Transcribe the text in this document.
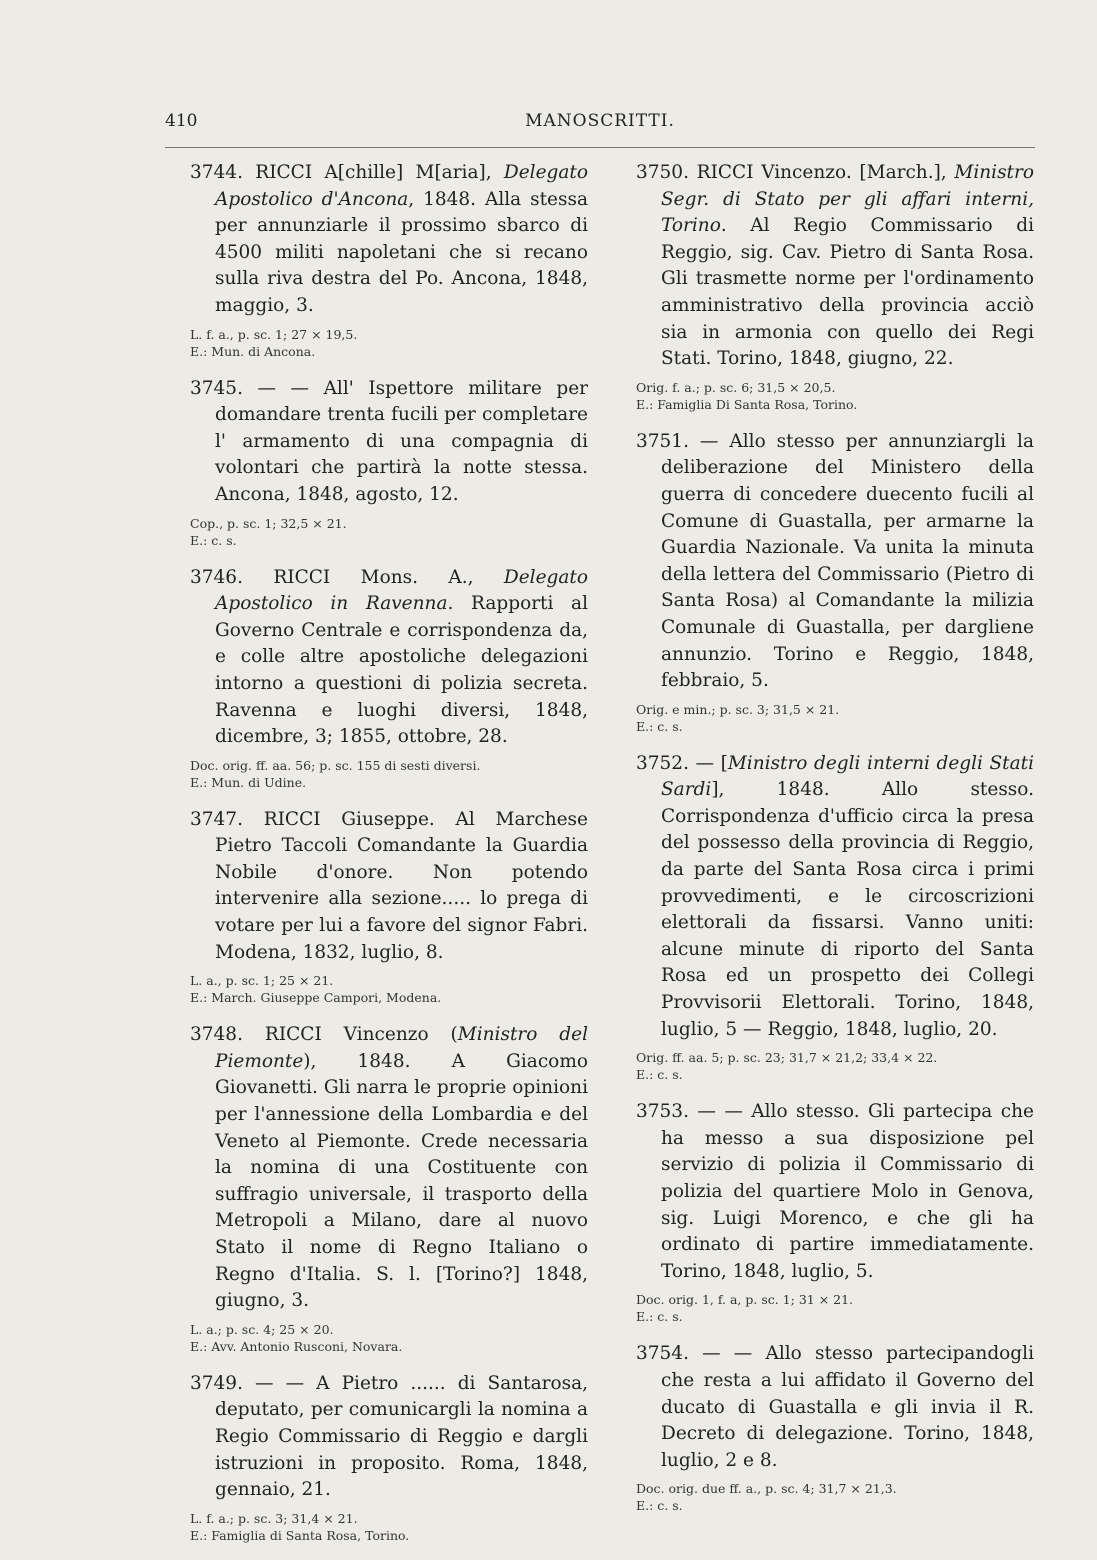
410	MANOSCRITTI.
3744. RICCI A[chille] M[aria], Delegato Apostolico d'Ancona, 1848. Alla stessa per annunziarle il prossimo sbarco di 4500 militi napoletani che si recano sulla riva destra del Po. Ancona, 1848, maggio, 3.
L. f. a., p. sc. 1; 27 × 19,5.
E.: Mun. di Ancona.
3745. — — All' Ispettore militare per domandare trenta fucili per completare l' armamento di una compagnia di volontari che partirà la notte stessa. Ancona, 1848, agosto, 12.
Cop., p. sc. 1; 32,5 × 21.
E.: c. s.
3746. RICCI Mons. A., Delegato Apostolico in Ravenna. Rapporti al Governo Centrale e corrispondenza da, e colle altre apostoliche delegazioni intorno a questioni di polizia secreta. Ravenna e luoghi diversi, 1848, dicembre, 3; 1855, ottobre, 28.
Doc. orig. ff. aa. 56; p. sc. 155 di sesti diversi.
E.: Mun. di Udine.
3747. RICCI Giuseppe. Al Marchese Pietro Taccoli Comandante la Guardia Nobile d'onore. Non potendo intervenire alla sezione..... lo prega di votare per lui a favore del signor Fabri. Modena, 1832, luglio, 8.
L. a., p. sc. 1; 25 × 21.
E.: March. Giuseppe Campori, Modena.
3748. RICCI Vincenzo (Ministro del Piemonte), 1848. A Giacomo Giovanetti. Gli narra le proprie opinioni per l'annessione della Lombardia e del Veneto al Piemonte. Crede necessaria la nomina di una Costituente con suffragio universale, il trasporto della Metropoli a Milano, dare al nuovo Stato il nome di Regno Italiano o Regno d'Italia. S. l. [Torino?] 1848, giugno, 3.
L. a.; p. sc. 4; 25 × 20.
E.: Avv. Antonio Rusconi, Novara.
3749. — — A Pietro ...... di Santarosa, deputato, per comunicargli la nomina a Regio Commissario di Reggio e dargli istruzioni in proposito. Roma, 1848, gennaio, 21.
L. f. a.; p. sc. 3; 31,4 × 21.
E.: Famiglia di Santa Rosa, Torino.
3750. RICCI Vincenzo. [March.], Ministro Segr. di Stato per gli affari interni, Torino. Al Regio Commissario di Reggio, sig. Cav. Pietro di Santa Rosa. Gli trasmette norme per l'ordinamento amministrativo della provincia acciò sia in armonia con quello dei Regi Stati. Torino, 1848, giugno, 22.
Orig. f. a.; p. sc. 6; 31,5 × 20,5.
E.: Famiglia Di Santa Rosa, Torino.
3751. — Allo stesso per annunziargli la deliberazione del Ministero della guerra di concedere duecento fucili al Comune di Guastalla, per armarne la Guardia Nazionale. Va unita la minuta della lettera del Commissario (Pietro di Santa Rosa) al Comandante la milizia Comunale di Guastalla, per dargliene annunzio. Torino e Reggio, 1848, febbraio, 5.
Orig. e min.; p. sc. 3; 31,5 × 21.
E.: c. s.
3752. — [Ministro degli interni degli Stati Sardi], 1848. Allo stesso. Corrispondenza d'ufficio circa la presa del possesso della provincia di Reggio, da parte del Santa Rosa circa i primi provvedimenti, e le circoscrizioni elettorali da fissarsi. Vanno uniti: alcune minute di riporto del Santa Rosa ed un prospetto dei Collegi Provvisorii Elettorali. Torino, 1848, luglio, 5 — Reggio, 1848, luglio, 20.
Orig. ff. aa. 5; p. sc. 23; 31,7 × 21,2; 33,4 × 22.
E.: c. s.
3753. — — Allo stesso. Gli partecipa che ha messo a sua disposizione pel servizio di polizia il Commissario di polizia del quartiere Molo in Genova, sig. Luigi Morenco, e che gli ha ordinato di partire immediatamente. Torino, 1848, luglio, 5.
Doc. orig. 1, f. a, p. sc. 1; 31 × 21.
E.: c. s.
3754. — — Allo stesso partecipandogli che resta a lui affidato il Governo del ducato di Guastalla e gli invia il R. Decreto di delegazione. Torino, 1848, luglio, 2 e 8.
Doc. orig. due ff. a., p. sc. 4; 31,7 × 21,3.
E.: c. s.
